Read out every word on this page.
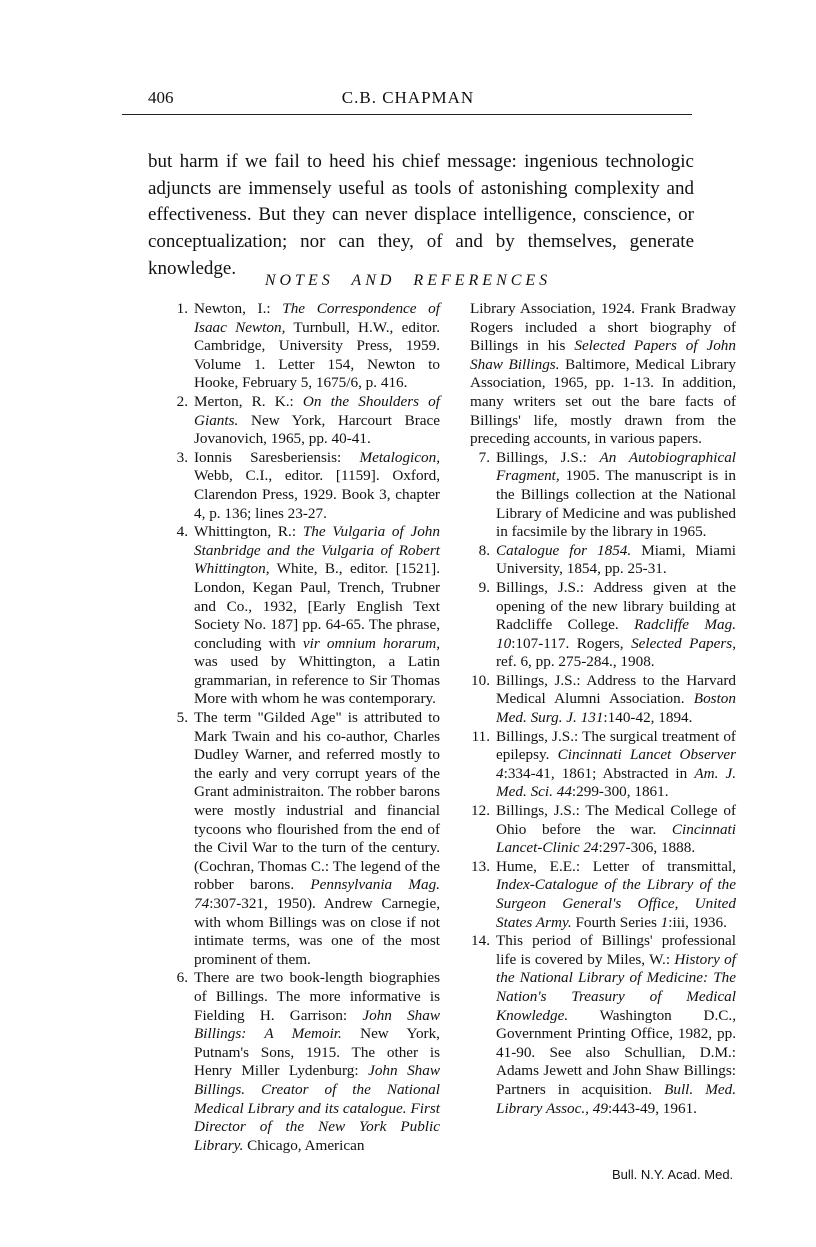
406	C.B. CHAPMAN

but harm if we fail to heed his chief message: ingenious technologic adjuncts are immensely useful as tools of astonishing complexity and effectiveness. But they can never displace intelligence, conscience, or conceptualization; nor can they, of and by themselves, generate knowledge.

NOTES AND REFERENCES
1. Newton, I.: The Correspondence of Isaac Newton, Turnbull, H.W., editor. Cambridge, University Press, 1959. Volume 1. Letter 154, Newton to Hooke, February 5, 1675/6, p. 416.
2. Merton, R. K.: On the Shoulders of Giants. New York, Harcourt Brace Jovanovich, 1965, pp. 40-41.
3. Ionnis Saresberiensis: Metalogicon, Webb, C.I., editor. [1159]. Oxford, Clarendon Press, 1929. Book 3, chapter 4, p. 136; lines 23-27.
4. Whittington, R.: The Vulgaria of John Stanbridge and the Vulgaria of Robert Whittington, White, B., editor. [1521]. London, Kegan Paul, Trench, Trubner and Co., 1932, [Early English Text Society No. 187] pp. 64-65. The phrase, concluding with vir omnium horarum, was used by Whittington, a Latin grammarian, in reference to Sir Thomas More with whom he was contemporary.
5. The term "Gilded Age" is attributed to Mark Twain and his co-author, Charles Dudley Warner, and referred mostly to the early and very corrupt years of the Grant administraiton. The robber barons were mostly industrial and financial tycoons who flourished from the end of the Civil War to the turn of the century. (Cochran, Thomas C.: The legend of the robber barons. Pennsylvania Mag. 74:307-321, 1950). Andrew Carnegie, with whom Billings was on close if not intimate terms, was one of the most prominent of them.
6. There are two book-length biographies of Billings. The more informative is Fielding H. Garrison: John Shaw Billings: A Memoir. New York, Putnam's Sons, 1915. The other is Henry Miller Lydenburg: John Shaw Billings. Creator of the National Medical Library and its catalogue. First Director of the New York Public Library. Chicago, American
Library Association, 1924. Frank Bradway Rogers included a short biography of Billings in his Selected Papers of John Shaw Billings. Baltimore, Medical Library Association, 1965, pp. 1-13. In addition, many writers set out the bare facts of Billings' life, mostly drawn from the preceding accounts, in various papers.
7. Billings, J.S.: An Autobiographical Fragment, 1905. The manuscript is in the Billings collection at the National Library of Medicine and was published in facsimile by the library in 1965.
8. Catalogue for 1854. Miami, Miami University, 1854, pp. 25-31.
9. Billings, J.S.: Address given at the opening of the new library building at Radcliffe College. Radcliffe Mag. 10:107-117. Rogers, Selected Papers, ref. 6, pp. 275-284., 1908.
10. Billings, J.S.: Address to the Harvard Medical Alumni Association. Boston Med. Surg. J. 131:140-42, 1894.
11. Billings, J.S.: The surgical treatment of epilepsy. Cincinnati Lancet Observer 4:334-41, 1861; Abstracted in Am. J. Med. Sci. 44:299-300, 1861.
12. Billings, J.S.: The Medical College of Ohio before the war. Cincinnati Lancet-Clinic 24:297-306, 1888.
13. Hume, E.E.: Letter of transmittal, Index-Catalogue of the Library of the Surgeon General's Office, United States Army. Fourth Series 1:iii, 1936.
14. This period of Billings' professional life is covered by Miles, W.: History of the National Library of Medicine: The Nation's Treasury of Medical Knowledge. Washington D.C., Government Printing Office, 1982, pp. 41-90. See also Schullian, D.M.: Adams Jewett and John Shaw Billings: Partners in acquisition. Bull. Med. Library Assoc., 49:443-49, 1961.
Bull. N.Y. Acad. Med.
